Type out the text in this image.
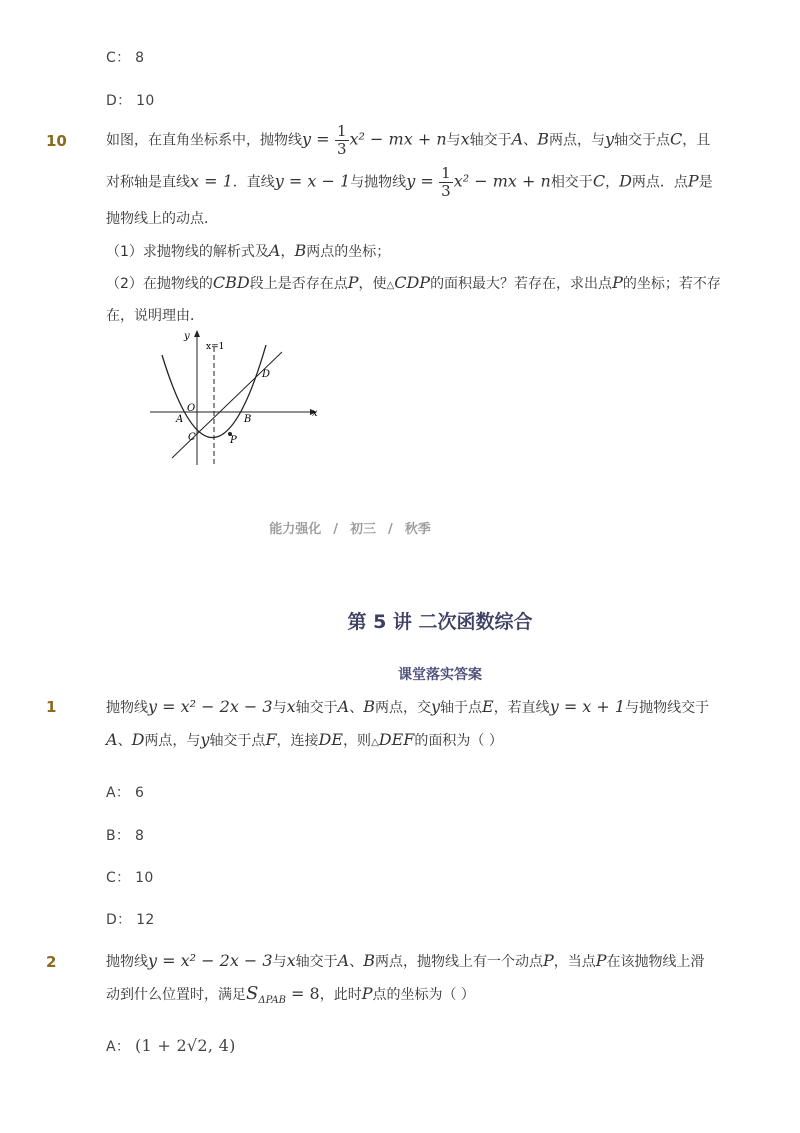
C： 8
D： 10
10	如图，在直角坐标系中，抛物线$y = \frac{1}{3} x^2$ − mx + n与x轴交于A、B两点，与y轴交于点C，且
对称轴是直线x = 1．直线y = x − 1与抛物线$y = \frac{1}{3} x^2$ − mx + n相交于C，D两点．点P是
抛物线上的动点．
（1）求抛物线的解析式及A，B两点的坐标；
（2）在抛物线的CBD段上是否存在点P，使△CDP的面积最大？若存在，求出点P的坐标；若不存
在，说明理由．
y
x
x=1
O
A	B
C
D
P
能力强化 / 初三 / 秋季
第 5 讲 二次函数综合
课堂落实答案
1	抛物线y = x² − 2x − 3与x轴交于A、B两点，交y轴于点E，若直线y = x + 1与抛物线交于
A、D两点，与y轴交于点F，连接DE，则△DEF的面积为（ ）
A： 6
B： 8
C： 10
D： 12
2	抛物线y = x² − 2x − 3与x轴交于A、B两点，抛物线上有一个动点P，当点P在该抛物线上滑
动到什么位置时，满足$S_{\Delta PAB} = 8$，此时P点的坐标为（ ）
A： (1 + 2√2, 4)
